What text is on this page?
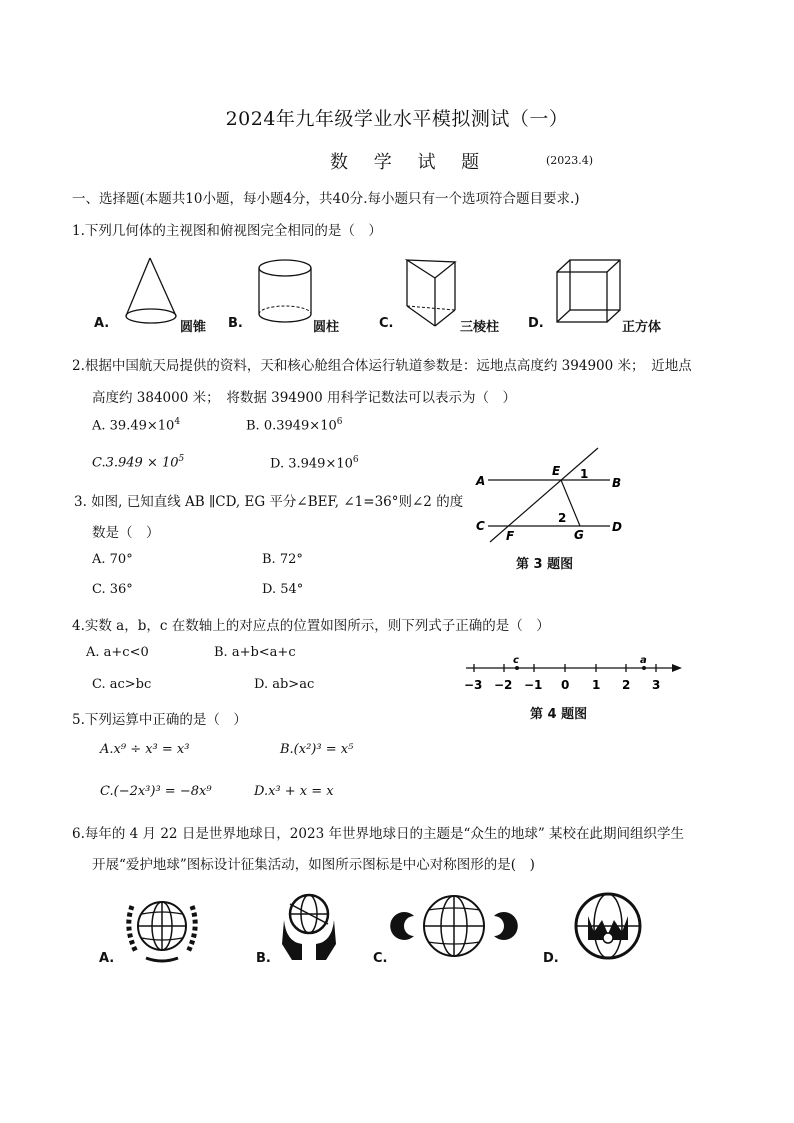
2024年九年级学业水平模拟测试（一）
数 学 试 题	(2023.4)
一、选择题(本题共10小题，每小题4分，共40分.每小题只有一个选项符合题目要求.)
1.下列几何体的主视图和俯视图完全相同的是（　）
A.	圆锥 B.	圆柱	C.	三棱柱 D.	正方体
2.根据中国航天局提供的资料，天和核心舱组合体运行轨道参数是：远地点高度约 394900 米；　近地点
高度约 384000 米；　将数据 394900 用科学记数法可以表示为（　）
A. $39.49\times 10^4$	B. $0.3949\times 10^6$
$C.3.949 \times 10^5$	D. $3.949\times 10^6$
3. 如图, 已知直线 AB ∥CD, EG 平分∠BEF, ∠1=36°则∠2 的度
数是（　）
A. 70°	B. 72°
C. 36°	D. 54°
A
E 1
B
C
F
2
G
D
第 3 题图
4.实数 a，b，c 在数轴上的对应点的位置如图所示，则下列式子正确的是（　）
A. a+c<0	B. a+b<a+c
C. ac>bc	D. ab>ac
c	a
−3 −2 −1 0 1 2 3
第 4 题图
5.下列运算中正确的是（　）
A.x⁹ ÷ x³ = x³	B.(x²)³ = x⁵
C.(−2x³)³ = −8x⁹	D.x³ + x = x
6.每年的 4 月 22 日是世界地球日，2023 年世界地球日的主题是“众生的地球” 某校在此期间组织学生
开展“爱护地球”图标设计征集活动，如图所示图标是中心对称图形的是(　)
A.	B.	C.	D.
